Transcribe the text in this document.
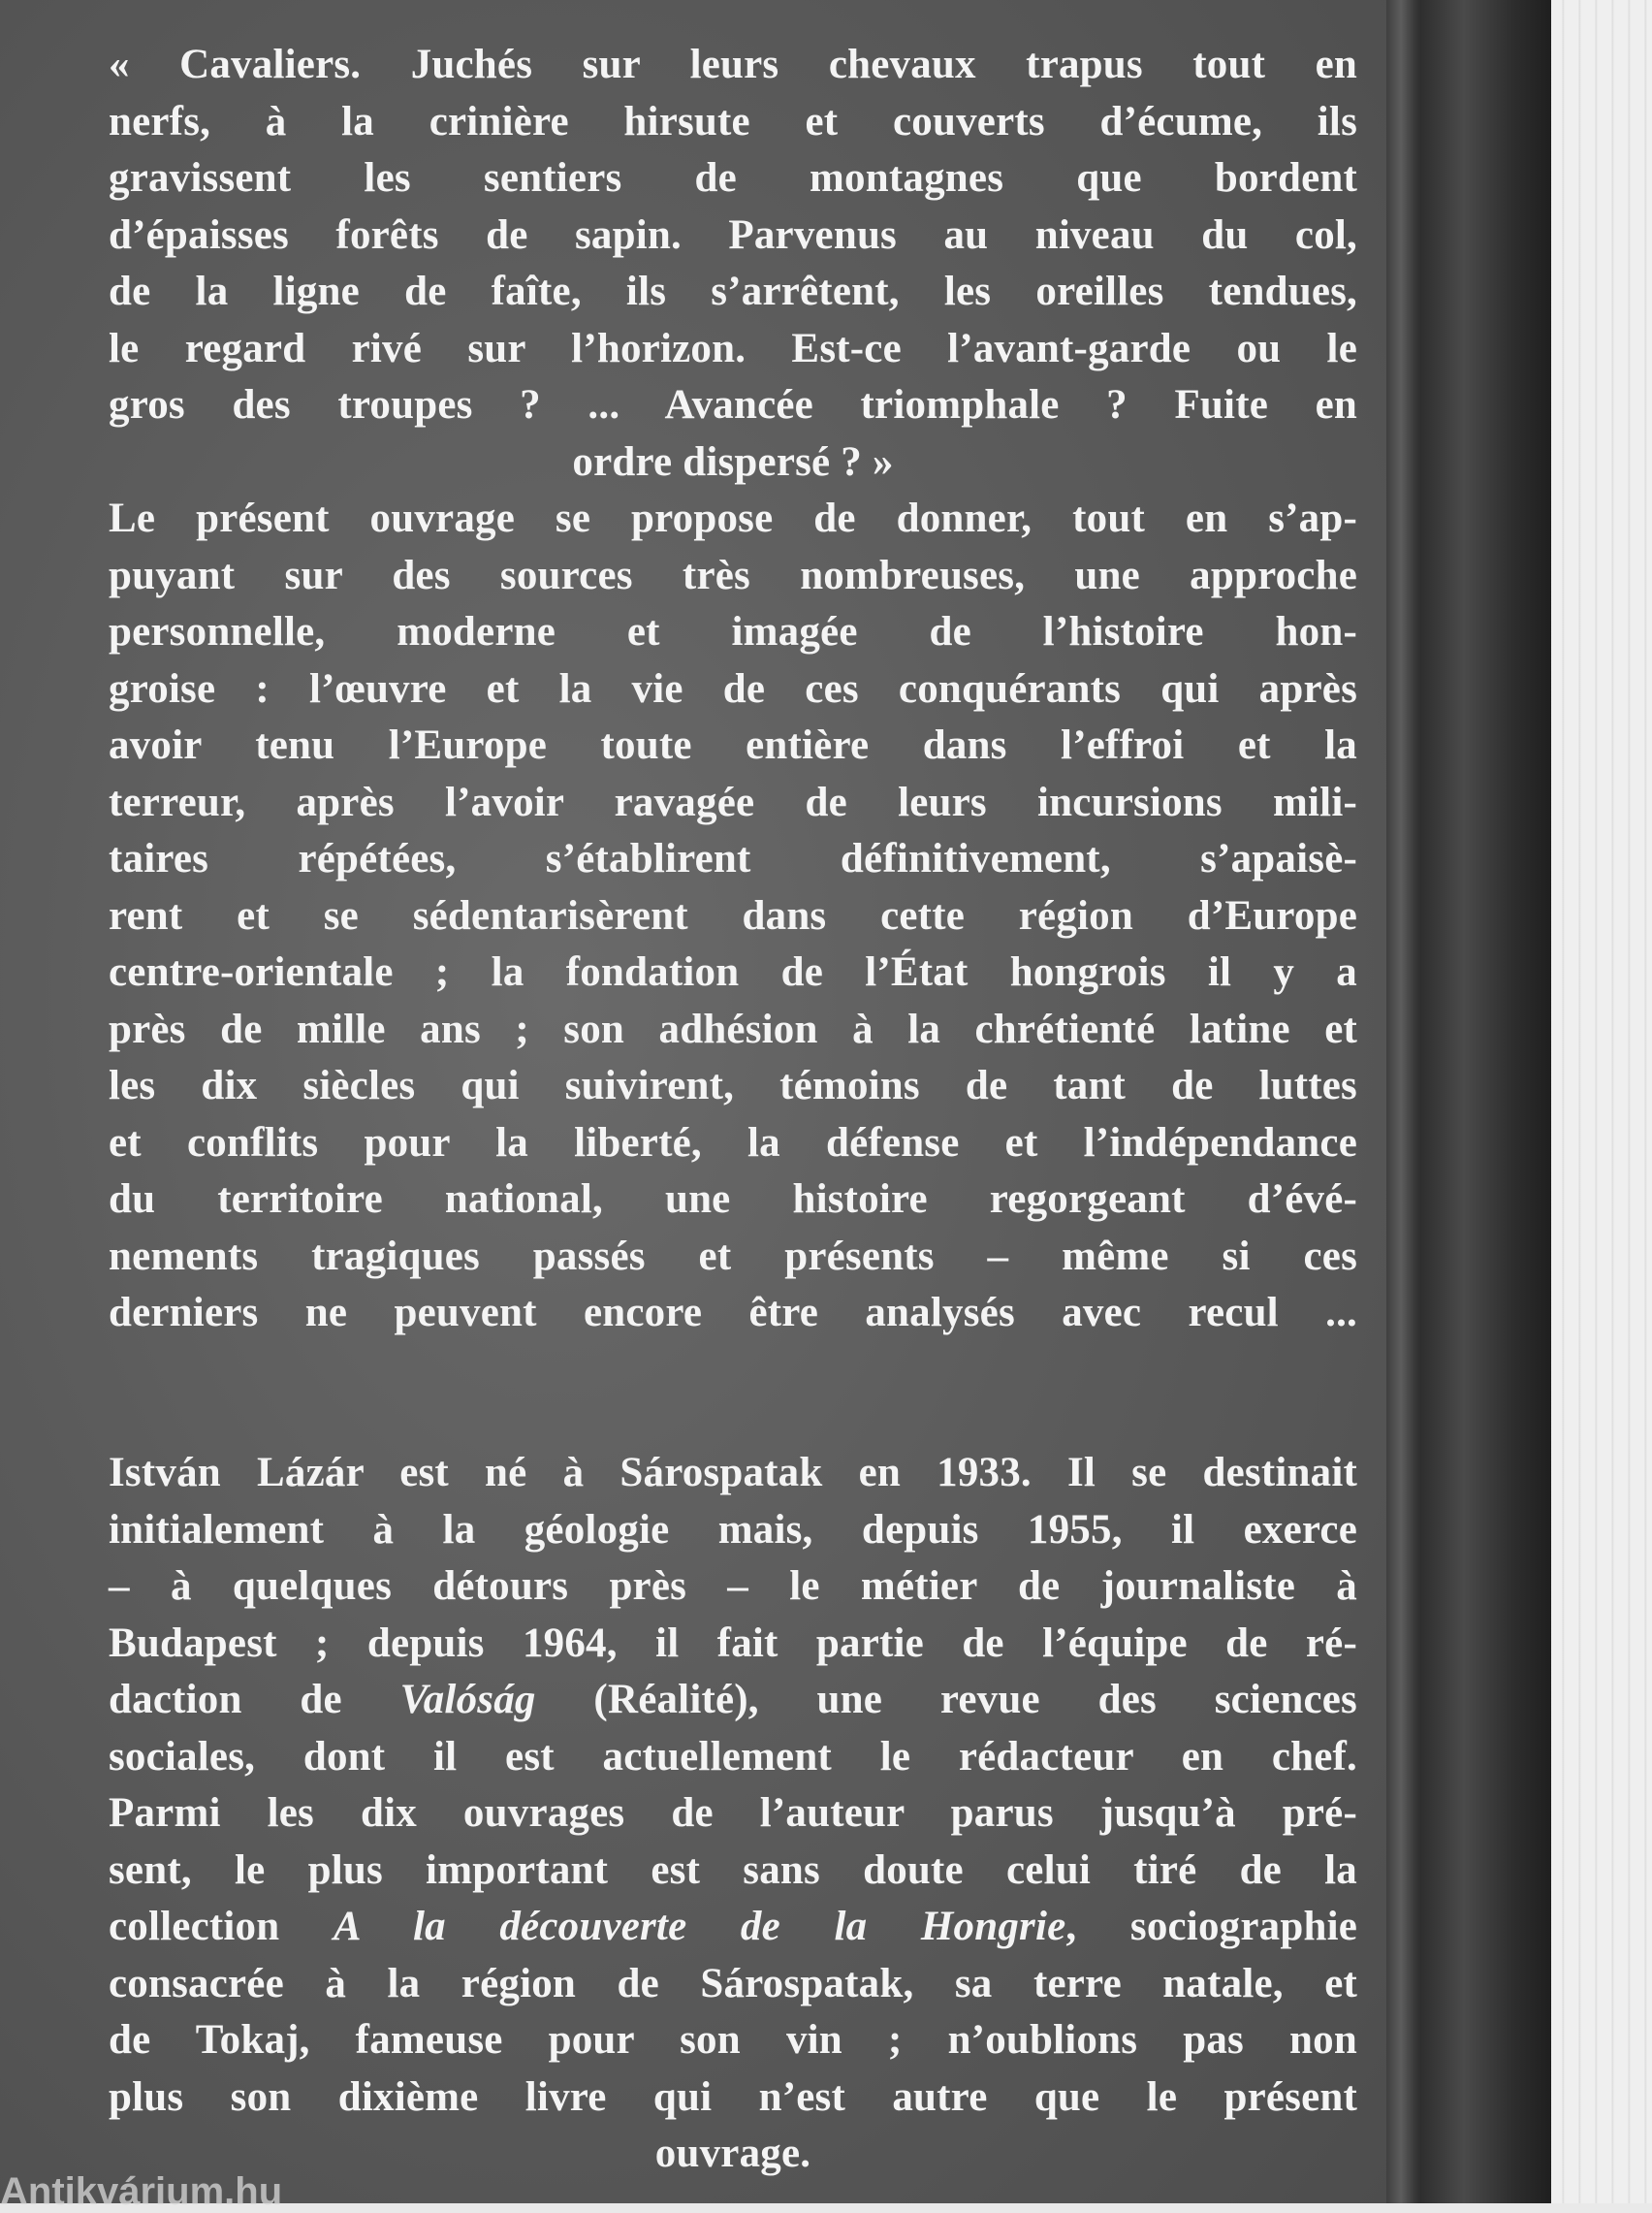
« Cavaliers. Juchés sur leurs chevaux trapus tout en
nerfs, à la crinière hirsute et couverts d’écume, ils
gravissent les sentiers de montagnes que bordent
d’épaisses forêts de sapin. Parvenus au niveau du col,
de la ligne de faîte, ils s’arrêtent, les oreilles tendues,
le regard rivé sur l’horizon. Est-ce l’avant-garde ou le
gros des troupes ? ... Avancée triomphale ? Fuite en
ordre dispersé ? »
Le présent ouvrage se propose de donner, tout en s’ap-
puyant sur des sources très nombreuses, une approche
personnelle, moderne et imagée de l’histoire hon-
groise : l’œuvre et la vie de ces conquérants qui après
avoir tenu l’Europe toute entière dans l’effroi et la
terreur, après l’avoir ravagée de leurs incursions mili-
taires répétées, s’établirent définitivement, s’apaisè-
rent et se sédentarisèrent dans cette région d’Europe
centre-orientale ; la fondation de l’État hongrois il y a
près de mille ans ; son adhésion à la chrétienté latine et
les dix siècles qui suivirent, témoins de tant de luttes
et conflits pour la liberté, la défense et l’indépendance
du territoire national, une histoire regorgeant d’évé-
nements tragiques passés et présents – même si ces
derniers ne peuvent encore être analysés avec recul ...
István Lázár est né à Sárospatak en 1933. Il se destinait
initialement à la géologie mais, depuis 1955, il exerce
– à quelques détours près – le métier de journaliste à
Budapest ; depuis 1964, il fait partie de l’équipe de ré-
daction de Valóság (Réalité), une revue des sciences
sociales, dont il est actuellement le rédacteur en chef.
Parmi les dix ouvrages de l’auteur parus jusqu’à pré-
sent, le plus important est sans doute celui tiré de la
collection A la découverte de la Hongrie, sociographie
consacrée à la région de Sárospatak, sa terre natale, et
de Tokaj, fameuse pour son vin ; n’oublions pas non
plus son dixième livre qui n’est autre que le présent
ouvrage.
Antikvárium.hu
